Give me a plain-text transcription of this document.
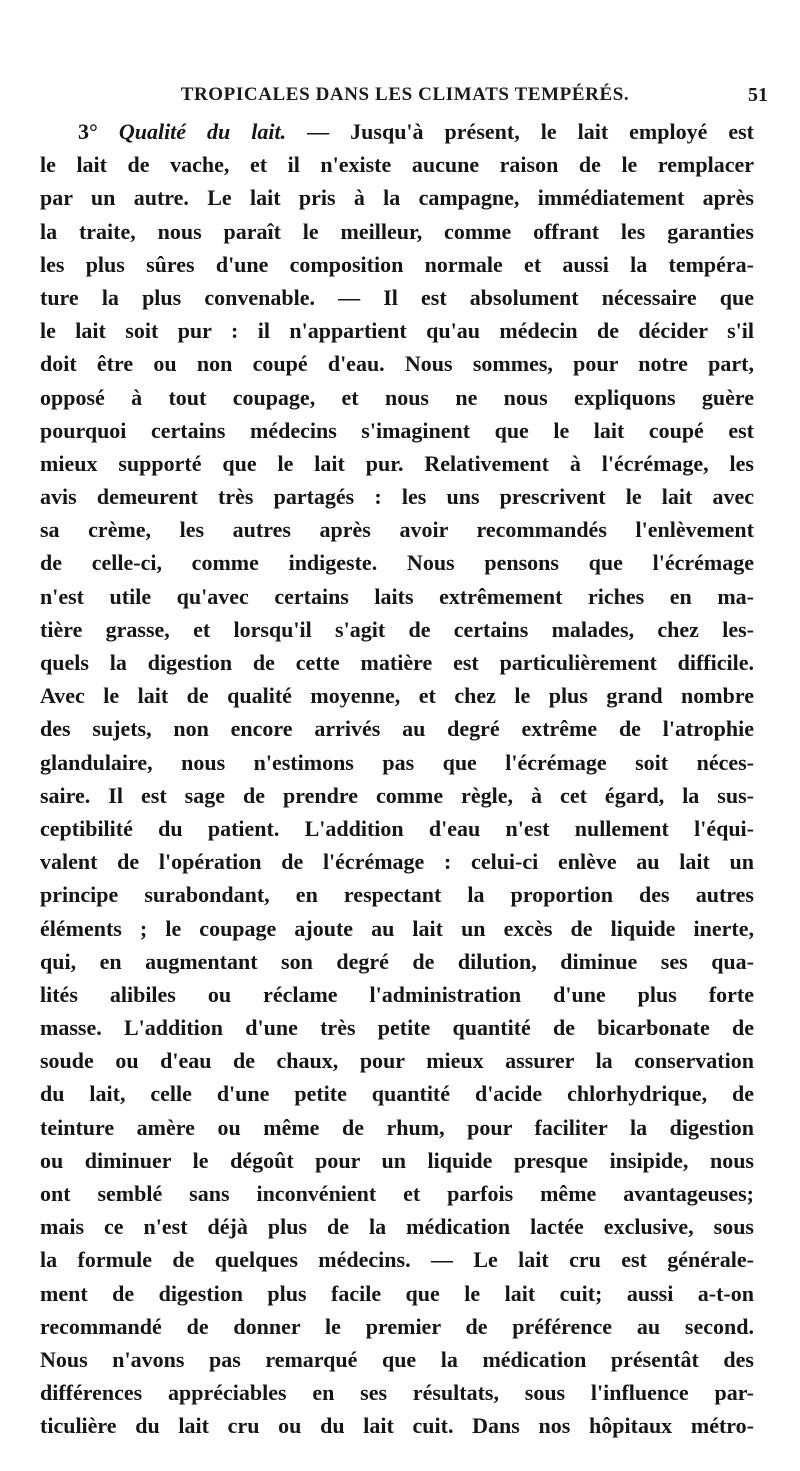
TROPICALES DANS LES CLIMATS TEMPÉRÉS.	51
3° Qualité du lait. — Jusqu'à présent, le lait employé est
le lait de vache, et il n'existe aucune raison de le remplacer
par un autre. Le lait pris à la campagne, immédiatement après
la traite, nous paraît le meilleur, comme offrant les garanties
les plus sûres d'une composition normale et aussi la tempéra-
ture la plus convenable. — Il est absolument nécessaire que
le lait soit pur : il n'appartient qu'au médecin de décider s'il
doit être ou non coupé d'eau. Nous sommes, pour notre part,
opposé à tout coupage, et nous ne nous expliquons guère
pourquoi certains médecins s'imaginent que le lait coupé est
mieux supporté que le lait pur. Relativement à l'écrémage, les
avis demeurent très partagés : les uns prescrivent le lait avec
sa crème, les autres après avoir recommandés l'enlèvement
de celle-ci, comme indigeste. Nous pensons que l'écrémage
n'est utile qu'avec certains laits extrêmement riches en ma-
tière grasse, et lorsqu'il s'agit de certains malades, chez les-
quels la digestion de cette matière est particulièrement difficile.
Avec le lait de qualité moyenne, et chez le plus grand nombre
des sujets, non encore arrivés au degré extrême de l'atrophie
glandulaire, nous n'estimons pas que l'écrémage soit néces-
saire. Il est sage de prendre comme règle, à cet égard, la sus-
ceptibilité du patient. L'addition d'eau n'est nullement l'équi-
valent de l'opération de l'écrémage : celui-ci enlève au lait un
principe surabondant, en respectant la proportion des autres
éléments ; le coupage ajoute au lait un excès de liquide inerte,
qui, en augmentant son degré de dilution, diminue ses qua-
lités alibiles ou réclame l'administration d'une plus forte
masse. L'addition d'une très petite quantité de bicarbonate de
soude ou d'eau de chaux, pour mieux assurer la conservation
du lait, celle d'une petite quantité d'acide chlorhydrique, de
teinture amère ou même de rhum, pour faciliter la digestion
ou diminuer le dégoût pour un liquide presque insipide, nous
ont semblé sans inconvénient et parfois même avantageuses;
mais ce n'est déjà plus de la médication lactée exclusive, sous
la formule de quelques médecins. — Le lait cru est générale-
ment de digestion plus facile que le lait cuit; aussi a-t-on
recommandé de donner le premier de préférence au second.
Nous n'avons pas remarqué que la médication présentât des
différences appréciables en ses résultats, sous l'influence par-
ticulière du lait cru ou du lait cuit. Dans nos hôpitaux métro-
